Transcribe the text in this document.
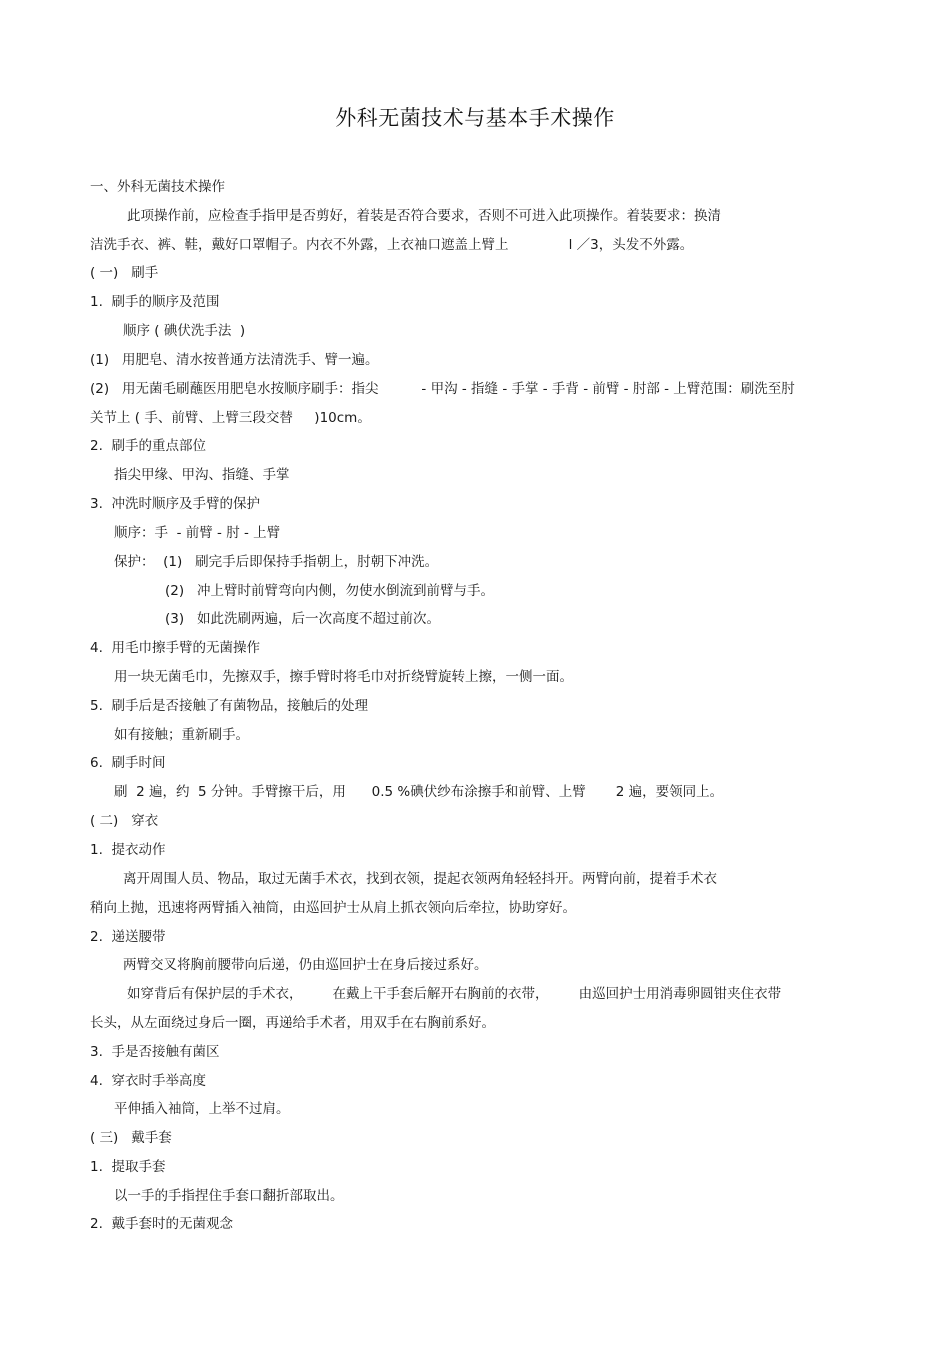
外科无菌技术与基本手术操作
一、外科无菌技术操作
此项操作前，应检查手指甲是否剪好，着装是否符合要求，否则不可进入此项操作。着装要求：换清
洁洗手衣、裤、鞋，戴好口罩帽子。内衣不外露，上衣袖口遮盖上臂上              l ／3，头发不外露。
( 一)   刷手
1.  刷手的顺序及范围
顺序 ( 碘伏洗手法  )
(1)   用肥皂、清水按普通方法清洗手、臂一遍。
(2)   用无菌毛刷蘸医用肥皂水按顺序刷手：指尖          - 甲沟 - 指缝 - 手掌 - 手背 - 前臂 - 肘部 - 上臂范围：刷洗至肘
关节上 ( 手、前臂、上臂三段交替     )10cm。
2.  刷手的重点部位
指尖甲缘、甲沟、指缝、手掌
3.  冲洗时顺序及手臂的保护
顺序：手  - 前臂 - 肘 - 上臂
保护：  (1)   刷完手后即保持手指朝上，肘朝下冲洗。
(2)   冲上臂时前臂弯向内侧，勿使水倒流到前臂与手。
(3)   如此洗刷两遍，后一次高度不超过前次。
4.  用毛巾擦手臂的无菌操作
用一块无菌毛巾，先擦双手，擦手臂时将毛巾对折绕臂旋转上擦，一侧一面。
5.  刷手后是否接触了有菌物品，接触后的处理
如有接触；重新刷手。
6.  刷手时间
刷  2 遍，约  5 分钟。手臂擦干后，用      0.5 %碘伏纱布涂擦手和前臂、上臂       2 遍，要领同上。
( 二)   穿衣
1.  提衣动作
离开周围人员、物品，取过无菌手术衣，找到衣领，提起衣领两角轻轻抖开。两臂向前，提着手术衣
稍向上抛，迅速将两臂插入袖筒，由巡回护士从肩上抓衣领向后牵拉，协助穿好。
2.  递送腰带
两臂交叉将胸前腰带向后递，仍由巡回护士在身后接过系好。
如穿背后有保护层的手术衣，       在戴上干手套后解开右胸前的衣带，       由巡回护士用消毒卵圆钳夹住衣带
长头，从左面绕过身后一圈，再递给手术者，用双手在右胸前系好。
3.  手是否接触有菌区
4.  穿衣时手举高度
平伸插入袖筒，上举不过肩。
( 三)   戴手套
1.  提取手套
以一手的手指捏住手套口翻折部取出。
2.  戴手套时的无菌观念
